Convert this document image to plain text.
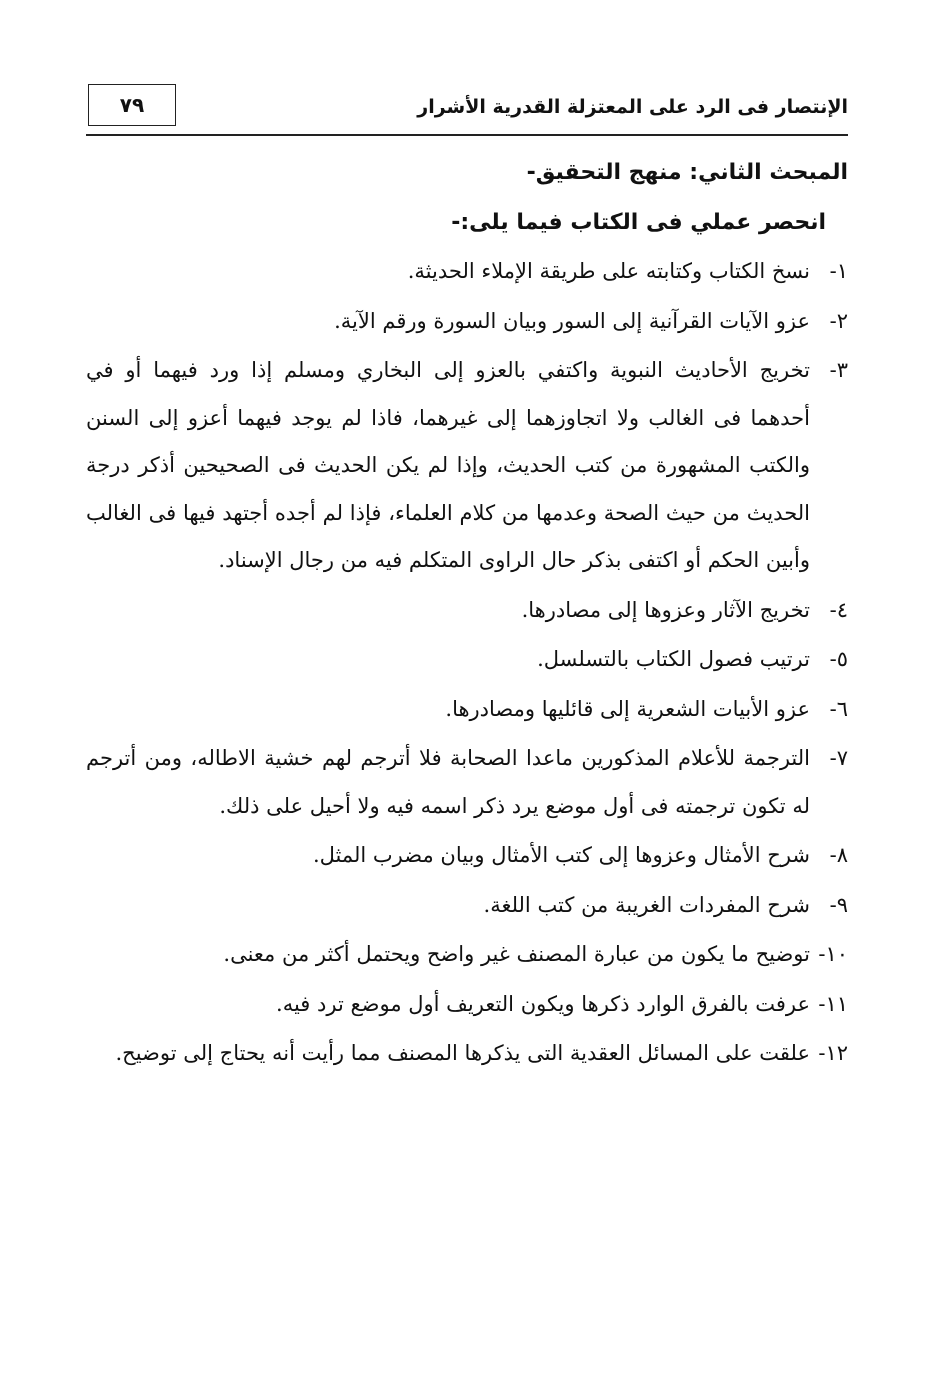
الإنتصار فى الرد على المعتزلة القدرية الأشرار
٧٩
المبحث الثاني: منهج التحقيق-
انحصر عملي فى الكتاب فيما يلى:-
١-
نسخ الكتاب وكتابته على طريقة الإملاء الحديثة.
٢-
عزو الآيات القرآنية إلى السور وبيان السورة ورقم الآية.
٣-
تخريج الأحاديث النبوية واكتفي بالعزو إلى البخاري ومسلم إذا ورد فيهما أو في أحدهما فى الغالب ولا اتجاوزهما إلى غيرهما، فاذا لم يوجد فيهما أعزو إلى السنن والكتب المشهورة من كتب الحديث، وإذا لم يكن الحديث فى الصحيحين أذكر درجة الحديث من حيث الصحة وعدمها من كلام العلماء، فإذا لم أجده أجتهد فيها فى الغالب وأبين الحكم أو اكتفى بذكر حال الراوى المتكلم فيه من رجال الإسناد.
٤-
تخريج الآثار وعزوها إلى مصادرها.
٥-
ترتيب فصول الكتاب بالتسلسل.
٦-
عزو الأبيات الشعرية إلى قائليها ومصادرها.
٧-
الترجمة للأعلام المذكورين ماعدا الصحابة فلا أترجم لهم خشية الاطاله، ومن أترجم له تكون ترجمته فى أول موضع يرد ذكر اسمه فيه ولا أحيل على ذلك.
٨-
شرح الأمثال وعزوها إلى كتب الأمثال وبيان مضرب المثل.
٩-
شرح المفردات الغريبة من كتب اللغة.
١٠-
توضيح ما يكون من عبارة المصنف غير واضح ويحتمل أكثر من معنى.
١١-
عرفت بالفرق الوارد ذكرها ويكون التعريف أول موضع ترد فيه.
١٢-
علقت على المسائل العقدية التى يذكرها المصنف مما رأيت أنه يحتاج إلى توضيح.
